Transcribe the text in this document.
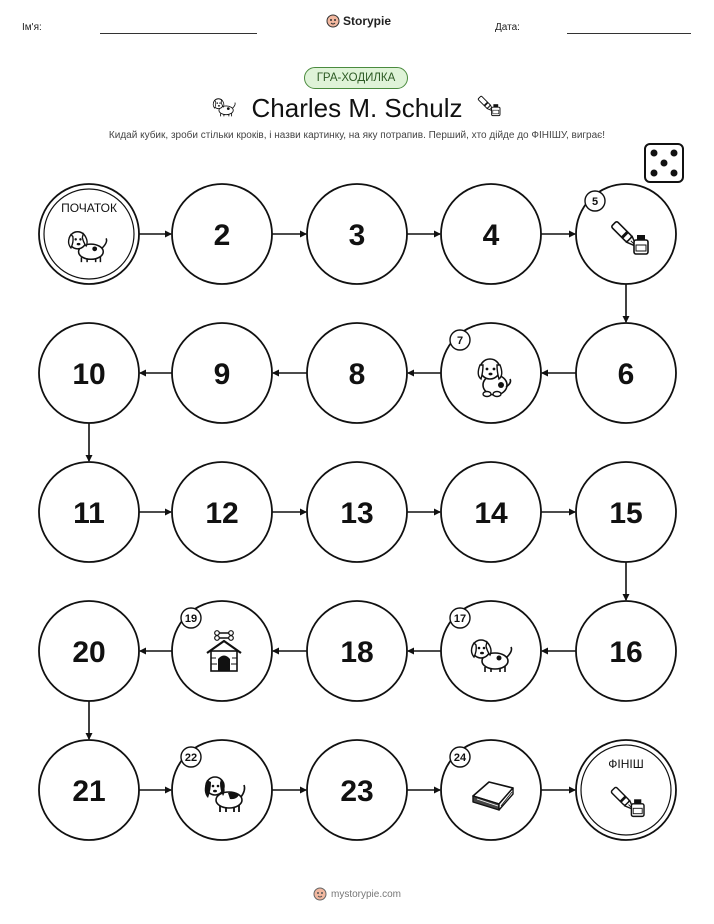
Ім'я:	Storypie	Дата:
ГРА-ХОДИЛКА
Charles M. Schulz
Кидай кубик, зроби стільки кроків, і назви картинку, на яку потрапив. Перший, хто дійде до ФІНІШУ, виграє!
ПОЧАТОК
2	3	4
5
6
7
8
9
10
11	12	13	14	15
16
17
18
19
20
21
22
23
24	ФІНІШ
mystorypie.com
